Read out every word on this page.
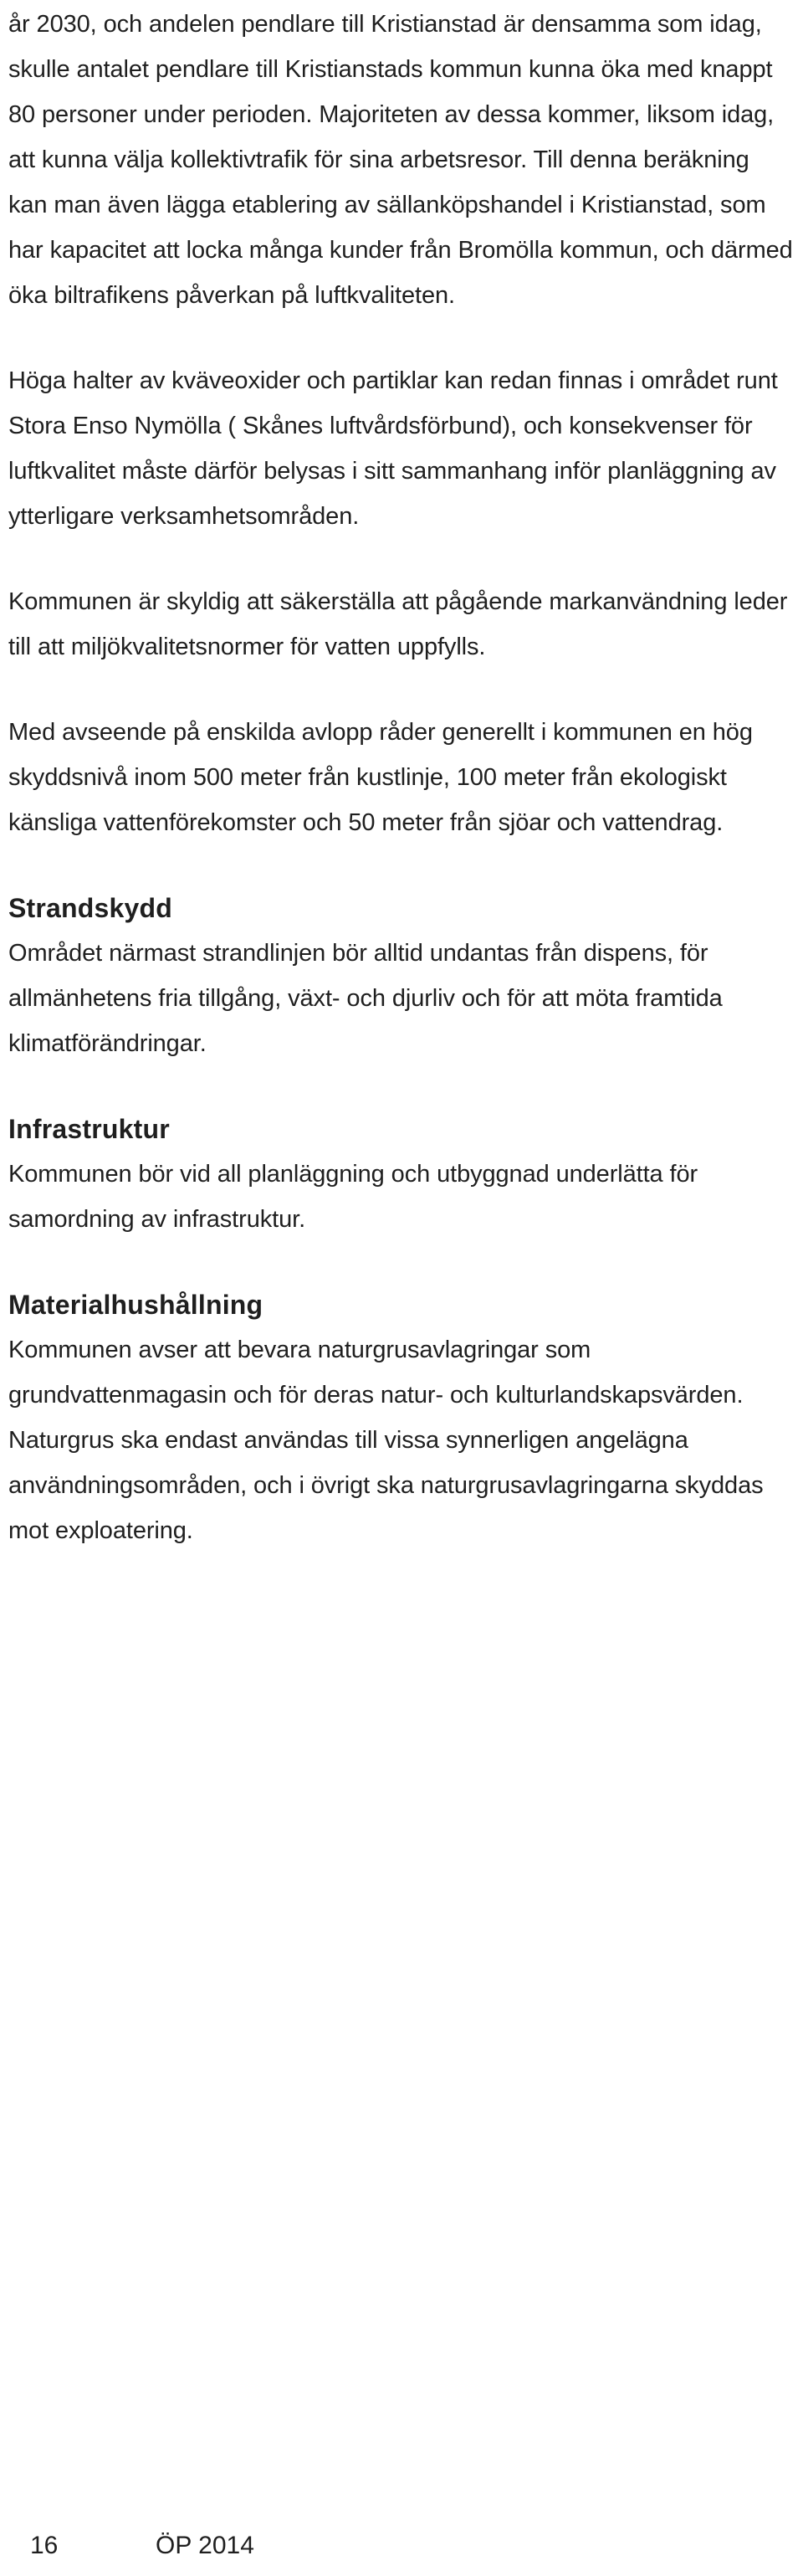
år 2030, och andelen pendlare till Kristianstad är densamma som idag, skulle antalet pendlare till Kristianstads kommun kunna öka med knappt 80 personer under perioden. Majoriteten av dessa kommer, liksom idag, att kunna välja kollektivtrafik för sina arbetsresor. Till denna beräkning kan man även lägga etablering av sällanköpshandel i Kristianstad, som har kapacitet att locka många kunder från Bromölla kommun, och därmed öka biltrafikens påverkan på luftkvaliteten.

Höga halter av kväveoxider och partiklar kan redan finnas i området runt Stora Enso Nymölla ( Skånes luftvårdsförbund), och konsekvenser för luftkvalitet måste därför belysas i sitt sammanhang inför planläggning av ytterligare verksamhetsområden.

Kommunen är skyldig att säkerställa att pågående markanvändning leder till att miljökvalitetsnormer för vatten uppfylls.

Med avseende på enskilda avlopp råder generellt i kommunen en hög skyddsnivå inom 500 meter från kustlinje, 100 meter från ekologiskt känsliga vattenförekomster och 50 meter från sjöar och vattendrag.

Strandskydd

Området närmast strandlinjen bör alltid undantas från dispens, för allmänhetens fria tillgång, växt- och djurliv och för att möta framtida klimatförändringar.

Infrastruktur

Kommunen bör vid all planläggning och utbyggnad underlätta för samordning av infrastruktur.

Materialhushållning

Kommunen avser att bevara naturgrusavlagringar som grundvattenmagasin och för deras natur- och kulturlandskapsvärden. Naturgrus ska endast användas till vissa synnerligen angelägna användningsområden, och i övrigt ska naturgrusavlagringarna skyddas mot exploatering.

16	ÖP 2014
